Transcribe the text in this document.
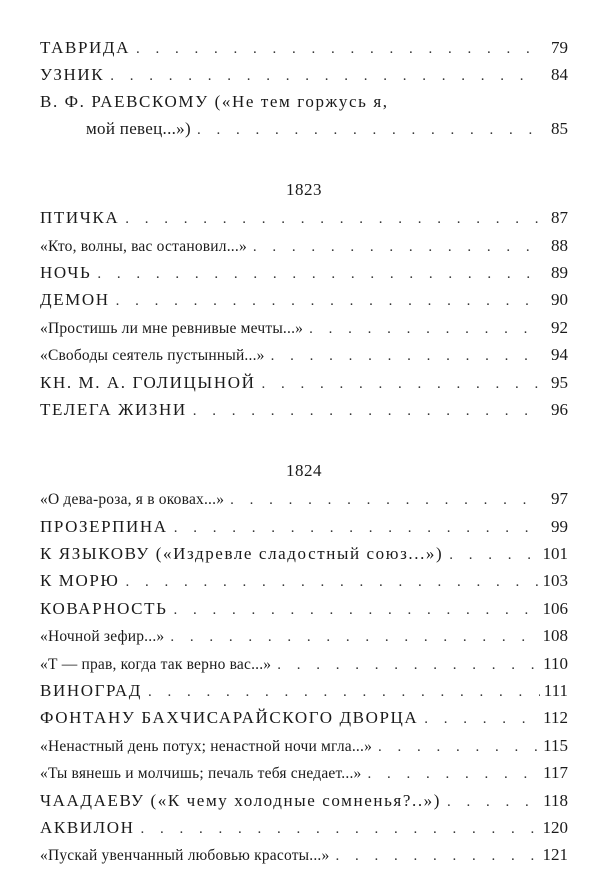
ТАВРИДА . . .	79
УЗНИК . . .	84
В. Ф. РАЕВСКОМУ («Не тем горжусь я,
мой певец...») . . .	85
1823
ПТИЧКА . . .	87
«Кто, волны, вас остановил...» . . .	88
НОЧЬ . . .	89
ДЕМОН . . .	90
«Простишь ли мне ревнивые мечты...» . . .	92
«Свободы сеятель пустынный...» . . .	94
КН. М. А. ГОЛИЦЫНОЙ . . .	95
ТЕЛЕГА ЖИЗНИ . . .	96
1824
«О дева-роза, я в оковах...» . . .	97
ПРОЗЕРПИНА . . .	99
К ЯЗЫКОВУ («Издревле сладостный союз...») . . .	101
К МОРЮ . . .	103
КОВАРНОСТЬ . . .	106
«Ночной зефир...» . . .	108
«Т — прав, когда так верно вас...» . . .	110
ВИНОГРАД . . .	111
ФОНТАНУ БАХЧИСАРАЙСКОГО ДВОРЦА . . .	112
«Ненастный день потух; ненастной ночи мгла...» . . .	115
«Ты вянешь и молчишь; печаль тебя снедает...» . . .	117
ЧААДАЕВУ («К чему холодные сомненья?..») . . .	118
АКВИЛОН . . .	120
«Пускай увенчанный любовью красоты...» . . .	121
